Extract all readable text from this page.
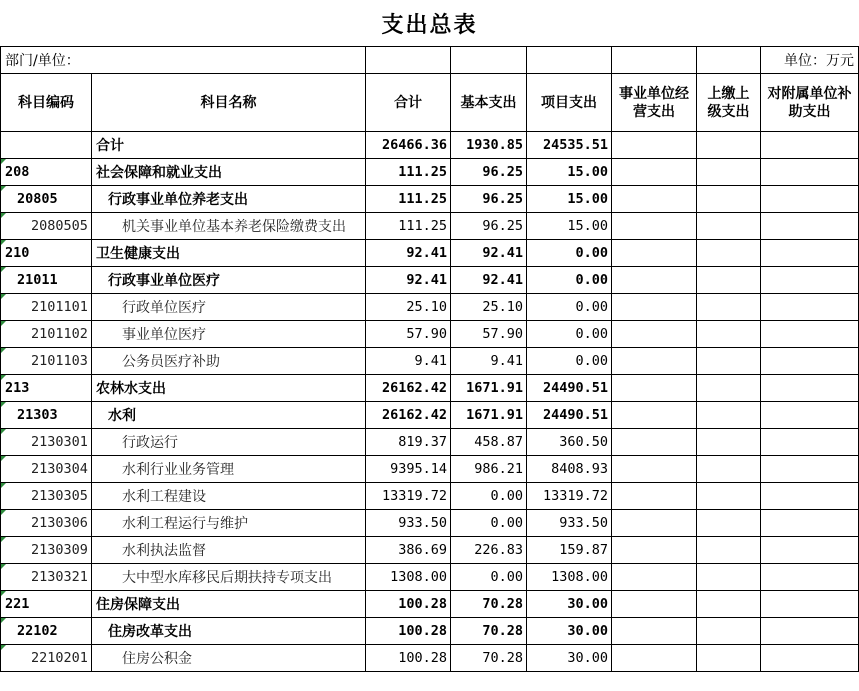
支出总表
部门/单位：							单位：万元
科目编码	科目名称	合计	基本支出	项目支出	事业单位经营支出	上缴上级支出	对附属单位补助支出
	合计	26466.36	1930.85	24535.51			
208	社会保障和就业支出	111.25	96.25	15.00			
20805	行政事业单位养老支出	111.25	96.25	15.00			
2080505	机关事业单位基本养老保险缴费支出	111.25	96.25	15.00			
210	卫生健康支出	92.41	92.41	0.00			
21011	行政事业单位医疗	92.41	92.41	0.00			
2101101	行政单位医疗	25.10	25.10	0.00			
2101102	事业单位医疗	57.90	57.90	0.00			
2101103	公务员医疗补助	9.41	9.41	0.00			
213	农林水支出	26162.42	1671.91	24490.51			
21303	水利	26162.42	1671.91	24490.51			
2130301	行政运行	819.37	458.87	360.50			
2130304	水利行业业务管理	9395.14	986.21	8408.93			
2130305	水利工程建设	13319.72	0.00	13319.72			
2130306	水利工程运行与维护	933.50	0.00	933.50			
2130309	水利执法监督	386.69	226.83	159.87			
2130321	大中型水库移民后期扶持专项支出	1308.00	0.00	1308.00			
221	住房保障支出	100.28	70.28	30.00			
22102	住房改革支出	100.28	70.28	30.00			
2210201	住房公积金	100.28	70.28	30.00			
